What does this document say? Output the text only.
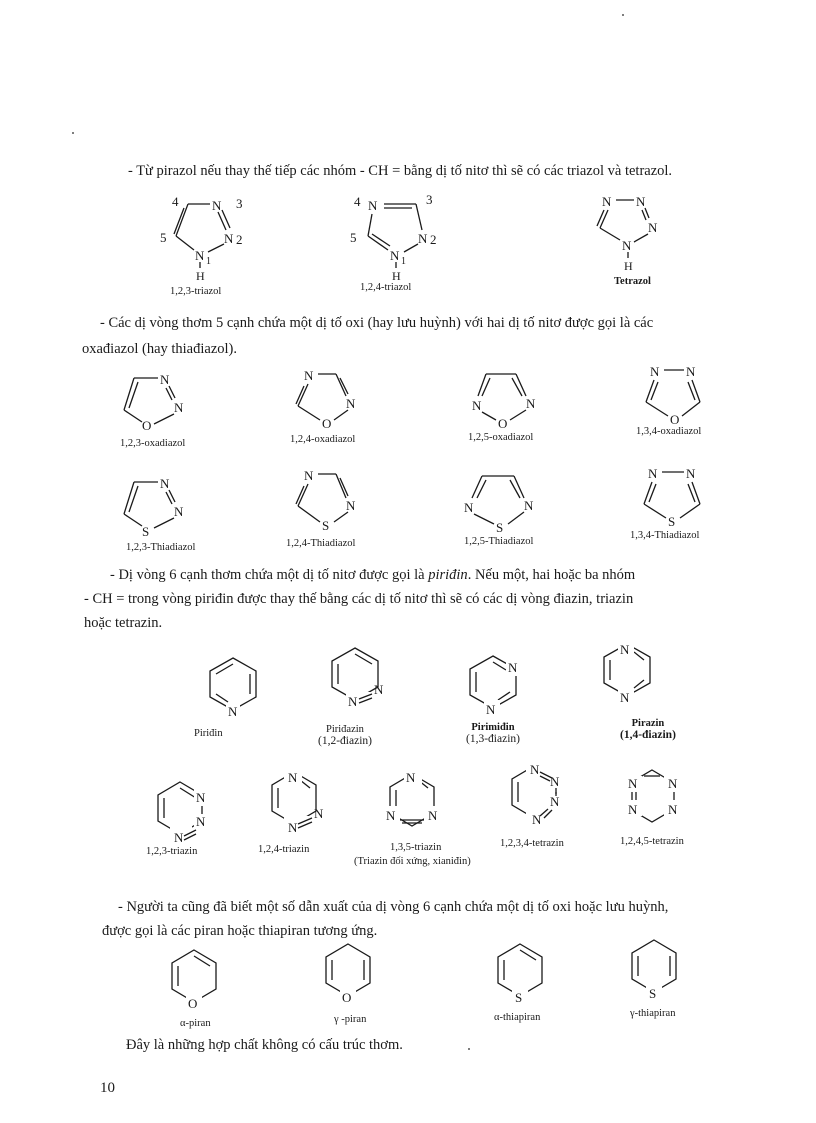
- Từ pirazol nếu thay thế tiếp các nhóm - CH = bằng dị tố nitơ thì sẽ có các triazol và tetrazol.

4	3
5	2
N
N
N 1
H
4	3
5	2
N
N
N 1
H
N N
N
N
H
1,2,3-triazol	1,2,4-triazol
Tetrazol

- Các dị vòng thơm 5 cạnh chứa một dị tố oxi (hay lưu huỳnh) với hai dị tố nitơ được gọi là các

oxađiazol (hay thiađiazol).

N
N
O
N
N
O
N	N
O
N N
O
1,2,3-oxadiazol	1,2,4-oxadiazol	1,2,5-oxadiazol
1,3,4-oxadiazol
N
N
S
N
N
S
N	N
S
N N
S
1,2,3-Thiadiazol	1,2,4-Thiadiazol	1,2,5-Thiadiazol
1,3,4-Thiadiazol

- Dị vòng 6 cạnh thơm chứa một dị tố nitơ được gọi là piriđin. Nếu một, hai hoặc ba nhóm

- CH = trong vòng piriđin được thay thế bằng các dị tố nitơ thì sẽ có các dị vòng điazin, triazin

hoặc tetrazin.

N
N
N
N
N
N
N
Piriđin	Piriđazin
(1,2-điazin)
Pirimiđin
(1,3-điazin)
Pirazin
(1,4-điazin)
N
N
N
N
N
N
N
N	N
N
N
N
N
N
N
N
N
1,2,3-triazin	1,2,4-triazin	1,3,5-triazin
(Triazin đối xứng, xianiđin)
1,2,3,4-tetrazin	1,2,4,5-tetrazin

- Người ta cũng đã biết một số dẫn xuất của dị vòng 6 cạnh chứa một dị tố oxi hoặc lưu huỳnh,

được gọi là các piran hoặc thiapiran tương ứng.

O	O	S	S
α-piran	γ -piran	α-thiapiran	γ-thiapiran

Đây là những hợp chất không có cấu trúc thơm.

10
